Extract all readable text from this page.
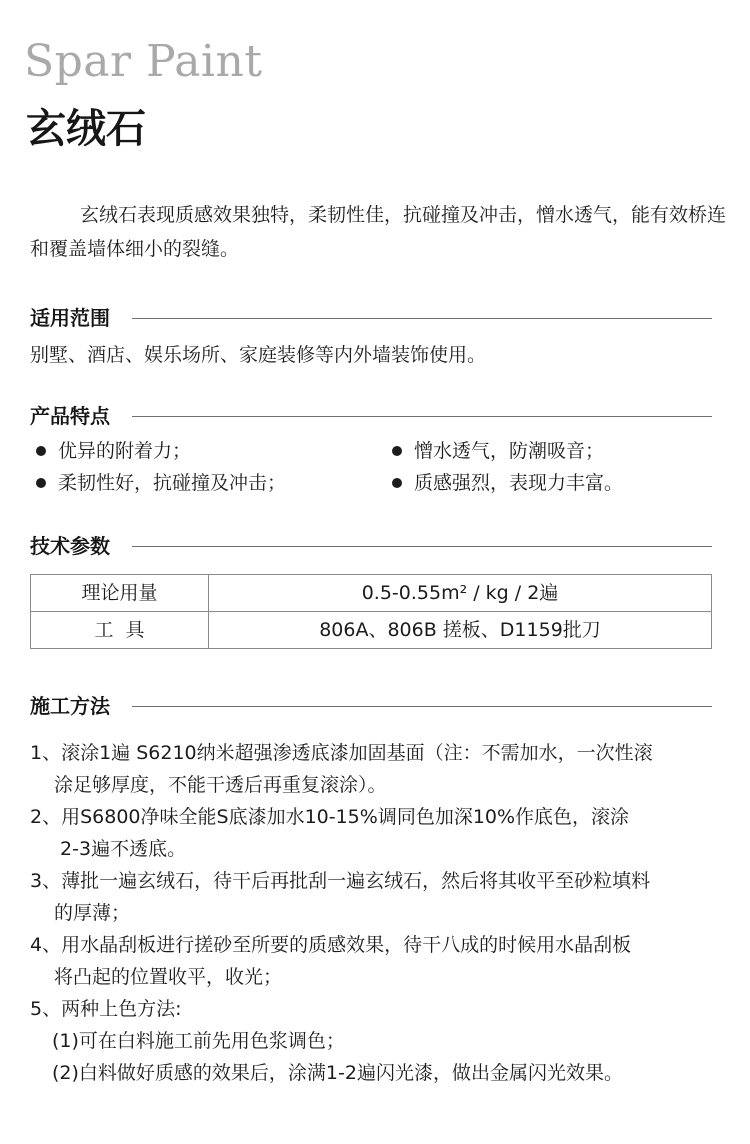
Spar Paint
玄绒石

玄绒石表现质感效果独特，柔韧性佳，抗碰撞及冲击，憎水透气，能有效桥连和覆盖墙体细小的裂缝。

适用范围
别墅、酒店、娱乐场所、家庭装修等内外墙装饰使用。
产品特点
优异的附着力；	憎水透气，防潮吸音；
柔韧性好，抗碰撞及冲击；	质感强烈，表现力丰富。
技术参数
理论用量	0.5-0.55m² / kg / 2遍
工  具	806A、806B 搓板、D1159批刀
施工方法
1、滚涂1遍 S6210纳米超强渗透底漆加固基面（注：不需加水，一次性滚
涂足够厚度，不能干透后再重复滚涂）。
2、用S6800净味全能S底漆加水10-15%调同色加深10%作底色，滚涂
2-3遍不透底。
3、薄批一遍玄绒石，待干后再批刮一遍玄绒石，然后将其收平至砂粒填料
的厚薄；
4、用水晶刮板进行搓砂至所要的质感效果，待干八成的时候用水晶刮板
将凸起的位置收平，收光；
5、两种上色方法:
(1)可在白料施工前先用色浆调色；
(2)白料做好质感的效果后，涂满1-2遍闪光漆，做出金属闪光效果。
